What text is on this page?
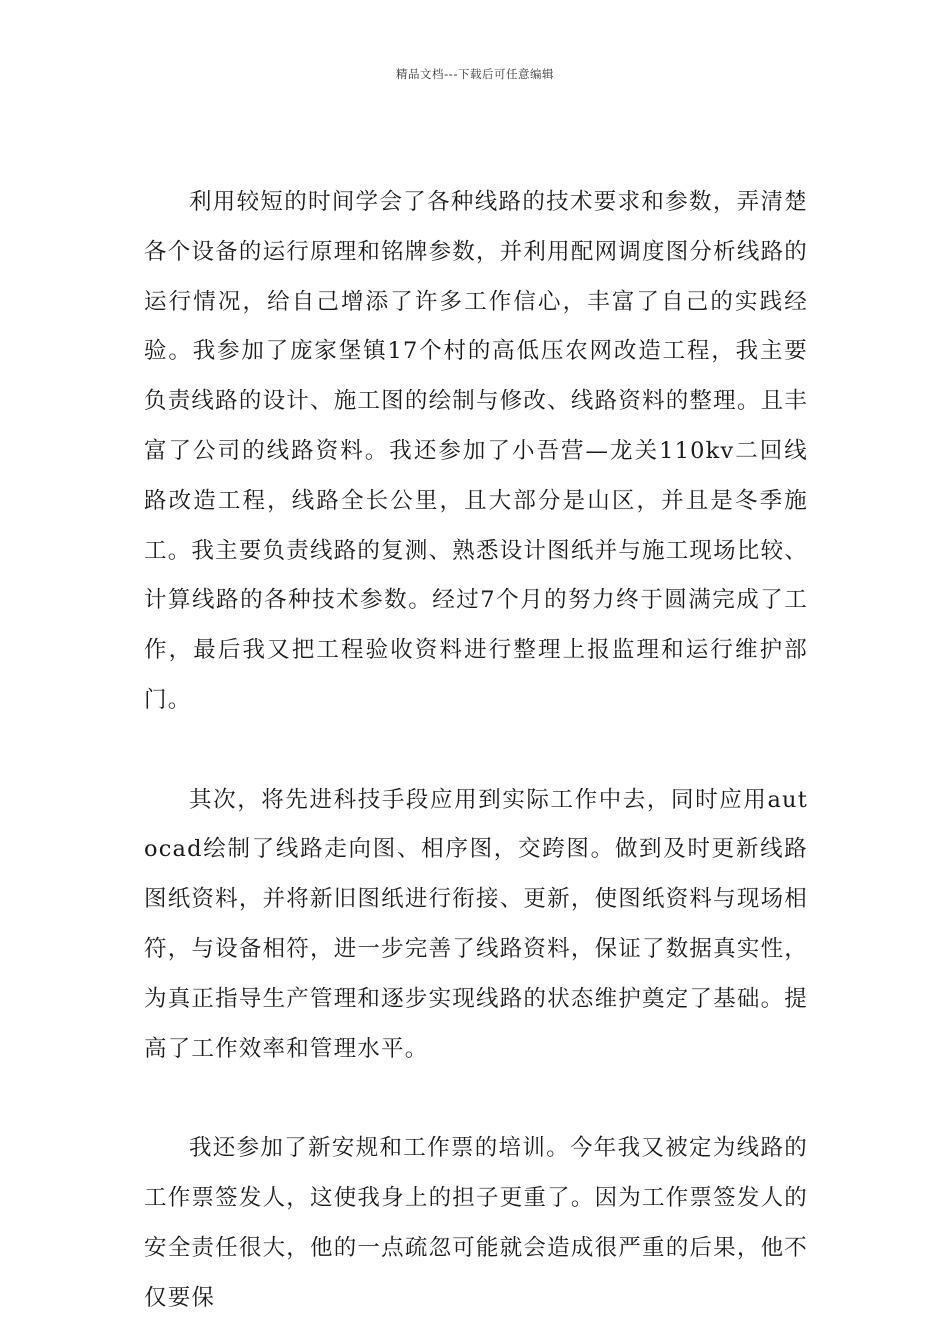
精品文档---下载后可任意编辑

利用较短的时间学会了各种线路的技术要求和参数，弄清楚各个设备的运行原理和铭牌参数，并利用配网调度图分析线路的运行情况，给自己增添了许多工作信心，丰富了自己的实践经验。我参加了庞家堡镇17个村的高低压农网改造工程，我主要负责线路的设计、施工图的绘制与修改、线路资料的整理。且丰富了公司的线路资料。我还参加了小吾营—龙关110kv二回线路改造工程，线路全长公里，且大部分是山区，并且是冬季施工。我主要负责线路的复测、熟悉设计图纸并与施工现场比较、计算线路的各种技术参数。经过7个月的努力终于圆满完成了工作，最后我又把工程验收资料进行整理上报监理和运行维护部门。

其次，将先进科技手段应用到实际工作中去，同时应用autocad绘制了线路走向图、相序图，交跨图。做到及时更新线路图纸资料，并将新旧图纸进行衔接、更新，使图纸资料与现场相符，与设备相符，进一步完善了线路资料，保证了数据真实性，为真正指导生产管理和逐步实现线路的状态维护奠定了基础。提高了工作效率和管理水平。

我还参加了新安规和工作票的培训。今年我又被定为线路的工作票签发人，这使我身上的担子更重了。因为工作票签发人的安全责任很大，他的一点疏忽可能就会造成很严重的后果，他不仅要保
